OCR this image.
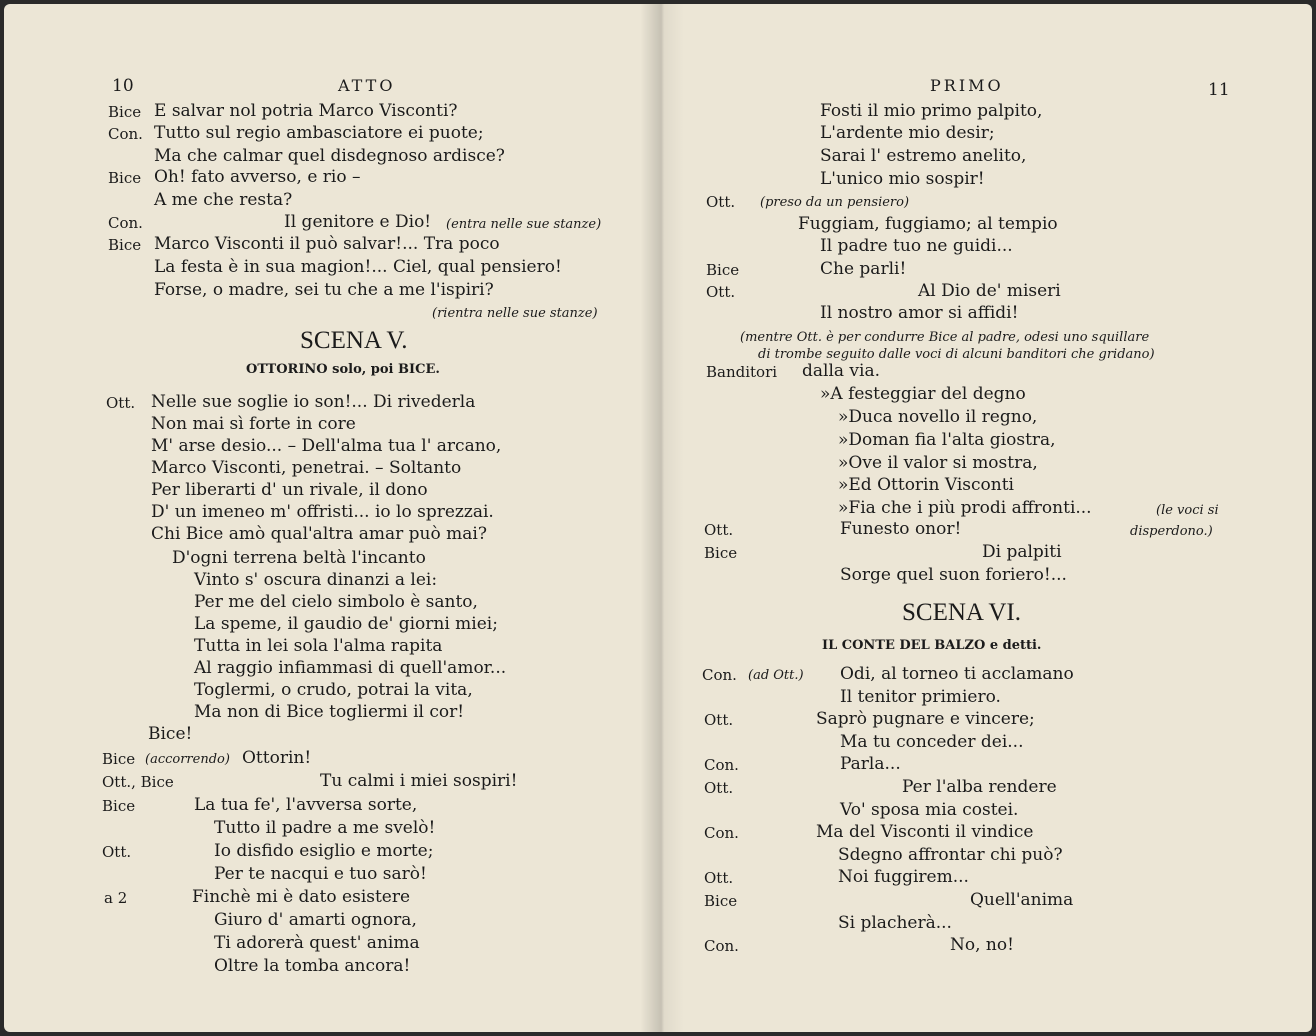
10	ATTO
Bice E salvar nol potria Marco Visconti?
Con. Tutto sul regio ambasciatore ei puote;
Ma che calmar quel disdegnoso ardisce?
Bice Oh! fato avverso, e rio –
A me che resta?
Con.	Il genitore e Dio! (entra nelle sue stanze)
Bice Marco Visconti il può salvar!... Tra poco
La festa è in sua magion!... Ciel, qual pensiero!
Forse, o madre, sei tu che a me l'ispiri?
(rientra nelle sue stanze)
SCENA V.
OTTORINO solo, poi BICE.
Ott. Nelle sue soglie io son!... Di rivederla
Non mai sì forte in core
M' arse desio... – Dell'alma tua l' arcano,
Marco Visconti, penetrai. – Soltanto
Per liberarti d' un rivale, il dono
D' un imeneo m' offristi... io lo sprezzai.
Chi Bice amò qual'altra amar può mai?
D'ogni terrena beltà l'incanto
Vinto s' oscura dinanzi a lei:
Per me del cielo simbolo è santo,
La speme, il gaudio de' giorni miei;
Tutta in lei sola l'alma rapita
Al raggio infiammasi di quell'amor...
Toglermi, o crudo, potrai la vita,
Ma non di Bice togliermi il cor!
Bice!
Bice (accorrendo) Ottorin!
Ott., Bice	Tu calmi i miei sospiri!
Bice	La tua fe', l'avversa sorte,
Tutto il padre a me svelò!
Ott.	Io disfido esiglio e morte;
Per te nacqui e tuo sarò!
a 2	Finchè mi è dato esistere
Giuro d' amarti ognora,
Ti adorerà quest' anima
Oltre la tomba ancora!
PRIMO	11
Fosti il mio primo palpito,
L'ardente mio desir;
Sarai l' estremo anelito,
L'unico mio sospir!
Ott. (preso da un pensiero)
Fuggiam, fuggiamo; al tempio
Il padre tuo ne guidi...
Bice	Che parli!
Ott.	Al Dio de' miseri
Il nostro amor si affidi!
(mentre Ott. è per condurre Bice al padre, odesi uno squillare
di trombe seguito dalle voci di alcuni banditori che gridano)
Banditori dalla via.
»A festeggiar del degno
»Duca novello il regno,
»Doman fia l'alta giostra,
»Ove il valor si mostra,
»Ed Ottorin Visconti
»Fia che i più prodi affronti...	(le voci si
Ott.	Funesto onor!	disperdono.)
Bice	Di palpiti
Sorge quel suon foriero!...
SCENA VI.
IL CONTE DEL BALZO e detti.
Con. (ad Ott.) Odi, al torneo ti acclamano
Il tenitor primiero.
Ott.	Saprò pugnare e vincere;
Ma tu conceder dei...
Con.	Parla...
Ott.	Per l'alba rendere
Vo' sposa mia costei.
Con.	Ma del Visconti il vindice
Sdegno affrontar chi può?
Ott.	Noi fuggirem...
Bice	Quell'anima
Si placherà...
Con.	No, no!
